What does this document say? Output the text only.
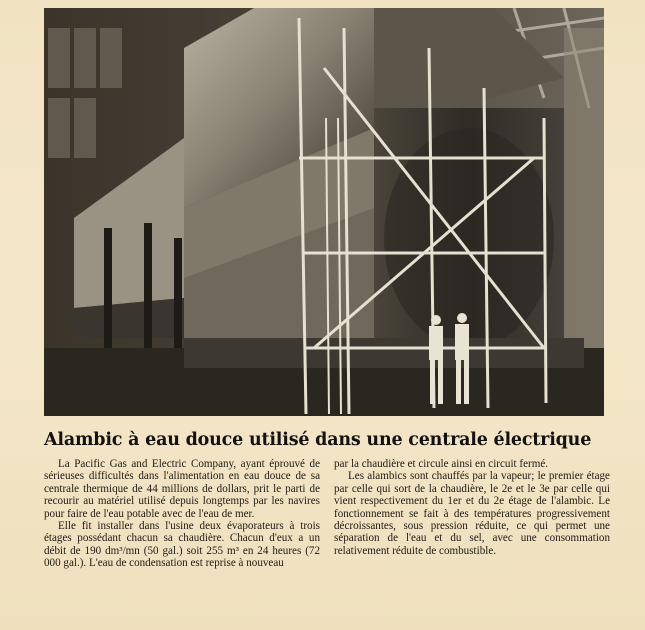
Alambic à eau douce utilisé dans une centrale électrique

La Pacific Gas and Electric Company, ayant éprouvé de sérieuses difficultés dans l'alimentation en eau douce de sa centrale thermique de 44 millions de dollars, prit le parti de recourir au matériel utilisé depuis longtemps par les navires pour faire de l'eau potable avec de l'eau de mer.

Elle fit installer dans l'usine deux évaporateurs à trois étages possédant chacun sa chaudière. Chacun d'eux a un débit de 190 dm³/mn (50 gal.) soit 255 m³ en 24 heures (72 000 gal.). L'eau de condensation est reprise à nouveau

par la chaudière et circule ainsi en circuit fermé.

Les alambics sont chauffés par la vapeur; le premier étage par celle qui sort de la chaudière, le 2e et le 3e par celle qui vient respectivement du 1er et du 2e étage de l'alambic. Le fonctionnement se fait à des températures progressivement décroissantes, sous pression réduite, ce qui permet une séparation de l'eau et du sel, avec une consommation relativement réduite de combustible.
